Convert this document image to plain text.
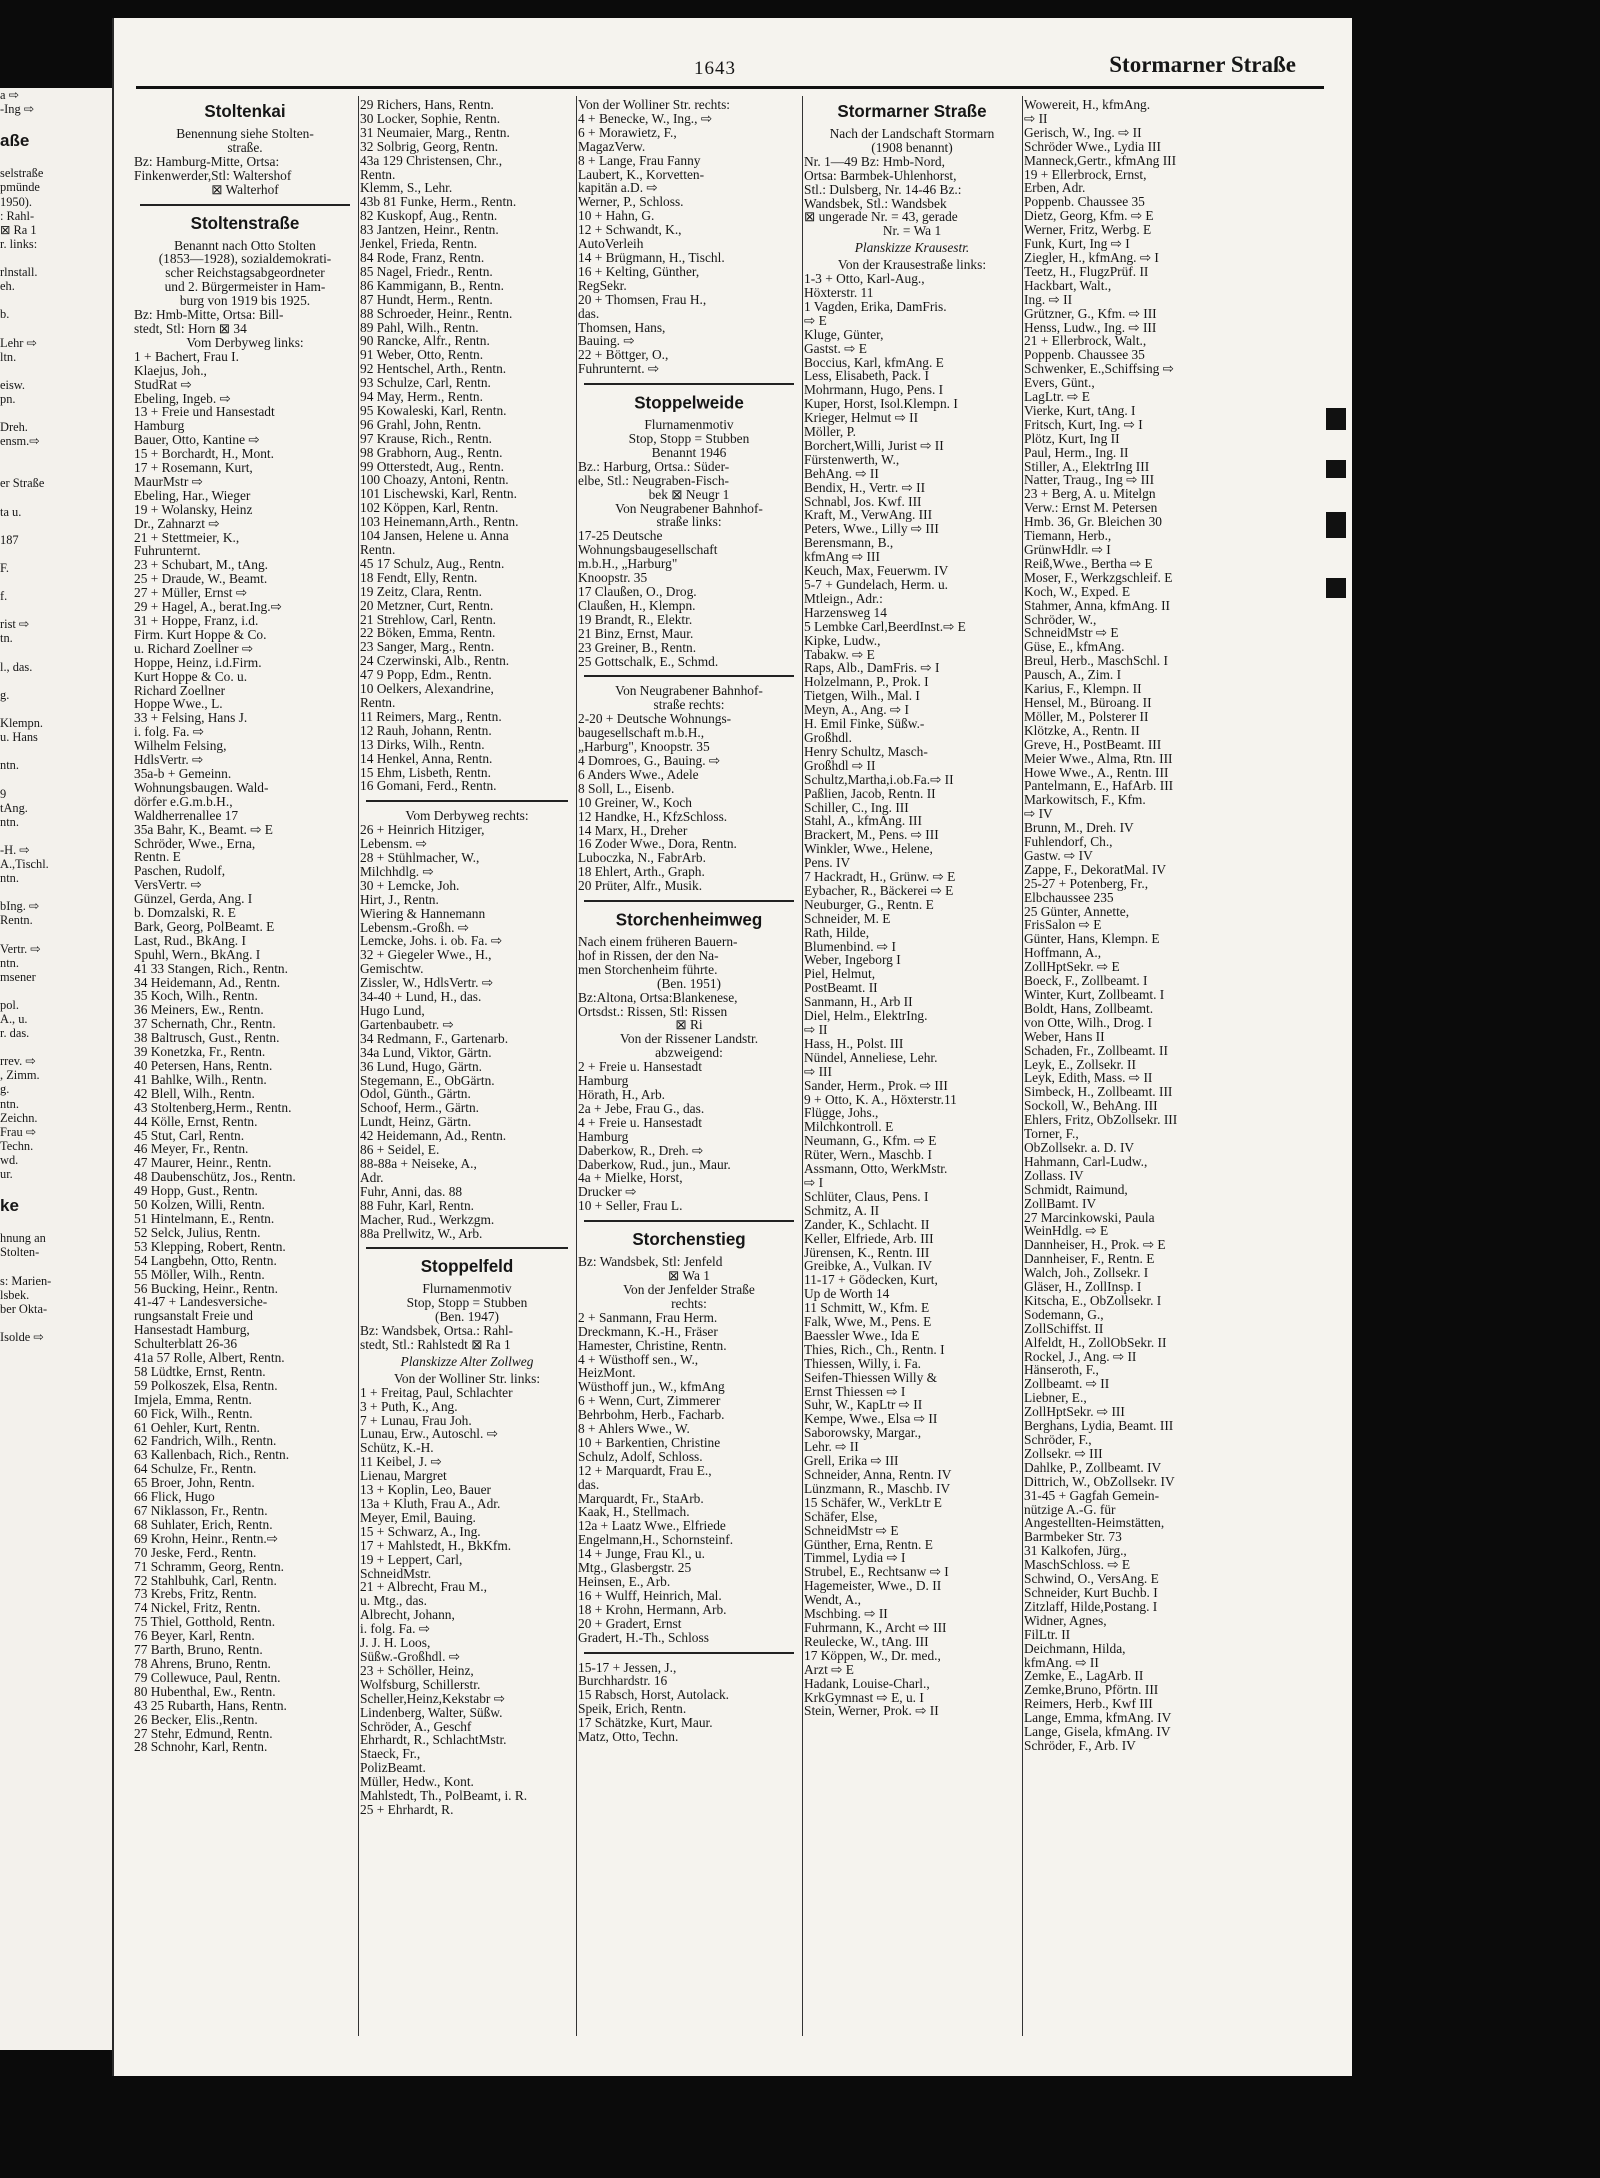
a ⇨
-Ing ⇨

aße

selstraße
pmünde
1950).
: Rahl-
⊠ Ra 1
r. links:

rlnstall.
eh.

b.

Lehr ⇨
ltn.

eisw.
pn.

Dreh.
ensm.⇨

er Straße

ta u.

187

F.

f.

rist ⇨
tn.

l., das.

g.

Klempn.
u. Hans

ntn.

9
tAng.
ntn.

-H. ⇨
A.,Tischl.
ntn.

bIng. ⇨
Rentn.

Vertr. ⇨
ntn.
msener

pol.
A., u.
r. das.

rrev. ⇨
, Zimm.
g.
ntn.
Zeichn.
Frau ⇨
Techn.
wd.
ur.

ke

hnung an
Stolten-

s: Marien-
lsbek.
ber Okta-

Isolde ⇨
1643	Stormarner Straße
Stoltenkai
Benennung siehe Stolten-
straße.
Bz: Hamburg-Mitte, Ortsa:
Finkenwerder,Stl: Waltershof
⊠ Walterhof
Stoltenstraße
Benannt nach Otto Stolten
(1853—1928), sozialdemokrati-
scher Reichstagsabgeordneter
und 2. Bürgermeister in Ham-
burg von 1919 bis 1925.
Bz: Hmb-Mitte, Ortsa: Bill-
stedt, Stl: Horn ⊠ 34
Vom Derbyweg links:
1 + Bachert, Frau I.
Klaejus, Joh.,
StudRat ⇨
Ebeling, Ingeb. ⇨
13 + Freie und Hansestadt
Hamburg
Bauer, Otto, Kantine ⇨
15 + Borchardt, H., Mont.
17 + Rosemann, Kurt,
MaurMstr ⇨
Ebeling, Har., Wieger
19 + Wolansky, Heinz
Dr., Zahnarzt ⇨
21 + Stettmeier, K.,
Fuhrunternt.
23 + Schubart, M., tAng.
25 + Draude, W., Beamt.
27 + Müller, Ernst ⇨
29 + Hagel, A., berat.Ing.⇨
31 + Hoppe, Franz, i.d.
Firm. Kurt Hoppe & Co.
u. Richard Zoellner ⇨
Hoppe, Heinz, i.d.Firm.
Kurt Hoppe & Co. u.
Richard Zoellner
Hoppe Wwe., L.
33 + Felsing, Hans J.
i. folg. Fa. ⇨
Wilhelm Felsing,
HdlsVertr. ⇨
35a-b + Gemeinn.
Wohnungsbaugen. Wald-
dörfer e.G.m.b.H.,
Waldherrenallee 17
35a Bahr, K., Beamt. ⇨ E
Schröder, Wwe., Erna,
Rentn. E
Paschen, Rudolf,
VersVertr. ⇨
Günzel, Gerda, Ang. I
b. Domzalski, R. E
Bark, Georg, PolBeamt. E
Last, Rud., BkAng. I
Spuhl, Wern., BkAng. I
41 33 Stangen, Rich., Rentn.
34 Heidemann, Ad., Rentn.
35 Koch, Wilh., Rentn.
36 Meiners, Ew., Rentn.
37 Schernath, Chr., Rentn.
38 Baltrusch, Gust., Rentn.
39 Konetzka, Fr., Rentn.
40 Petersen, Hans, Rentn.
41 Bahlke, Wilh., Rentn.
42 Blell, Wilh., Rentn.
43 Stoltenberg,Herm., Rentn.
44 Kölle, Ernst, Rentn.
45 Stut, Carl, Rentn.
46 Meyer, Fr., Rentn.
47 Maurer, Heinr., Rentn.
48 Daubenschütz, Jos., Rentn.
49 Hopp, Gust., Rentn.
50 Kolzen, Willi, Rentn.
51 Hintelmann, E., Rentn.
52 Selck, Julius, Rentn.
53 Klepping, Robert, Rentn.
54 Langbehn, Otto, Rentn.
55 Möller, Wilh., Rentn.
56 Bucking, Heinr., Rentn.
41-47 + Landesversiche-
rungsanstalt Freie und
Hansestadt Hamburg,
Schulterblatt 26-36
41a 57 Rolle, Albert, Rentn.
58 Lüdtke, Ernst, Rentn.
59 Polkoszek, Elsa, Rentn.
Imjela, Emma, Rentn.
60 Fick, Wilh., Rentn.
61 Oehler, Kurt, Rentn.
62 Fandrich, Wilh., Rentn.
63 Kallenbach, Rich., Rentn.
64 Schulze, Fr., Rentn.
65 Broer, John, Rentn.
66 Flick, Hugo
67 Niklasson, Fr., Rentn.
68 Suhlater, Erich, Rentn.
69 Krohn, Heinr., Rentn.⇨
70 Jeske, Ferd., Rentn.
71 Schramm, Georg, Rentn.
72 Stahlbuhk, Carl, Rentn.
73 Krebs, Fritz, Rentn.
74 Nickel, Fritz, Rentn.
75 Thiel, Gotthold, Rentn.
76 Beyer, Karl, Rentn.
77 Barth, Bruno, Rentn.
78 Ahrens, Bruno, Rentn.
79 Collewuce, Paul, Rentn.
80 Hubenthal, Ew., Rentn.
43 25 Rubarth, Hans, Rentn.
26 Becker, Elis.,Rentn.
27 Stehr, Edmund, Rentn.
28 Schnohr, Karl, Rentn.
29 Richers, Hans, Rentn.
30 Locker, Sophie, Rentn.
31 Neumaier, Marg., Rentn.
32 Solbrig, Georg, Rentn.
43a 129 Christensen, Chr.,
Rentn.
Klemm, S., Lehr.
43b 81 Funke, Herm., Rentn.
82 Kuskopf, Aug., Rentn.
83 Jantzen, Heinr., Rentn.
Jenkel, Frieda, Rentn.
84 Rode, Franz, Rentn.
85 Nagel, Friedr., Rentn.
86 Kammigann, B., Rentn.
87 Hundt, Herm., Rentn.
88 Schroeder, Heinr., Rentn.
89 Pahl, Wilh., Rentn.
90 Rancke, Alfr., Rentn.
91 Weber, Otto, Rentn.
92 Hentschel, Arth., Rentn.
93 Schulze, Carl, Rentn.
94 May, Herm., Rentn.
95 Kowaleski, Karl, Rentn.
96 Grahl, John, Rentn.
97 Krause, Rich., Rentn.
98 Grabhorn, Aug., Rentn.
99 Otterstedt, Aug., Rentn.
100 Choazy, Antoni, Rentn.
101 Lischewski, Karl, Rentn.
102 Köppen, Karl, Rentn.
103 Heinemann,Arth., Rentn.
104 Jansen, Helene u. Anna
Rentn.
45 17 Schulz, Aug., Rentn.
18 Fendt, Elly, Rentn.
19 Zeitz, Clara, Rentn.
20 Metzner, Curt, Rentn.
21 Strehlow, Carl, Rentn.
22 Böken, Emma, Rentn.
23 Sanger, Marg., Rentn.
24 Czerwinski, Alb., Rentn.
47 9 Popp, Edm., Rentn.
10 Oelkers, Alexandrine,
Rentn.
11 Reimers, Marg., Rentn.
12 Rauh, Johann, Rentn.
13 Dirks, Wilh., Rentn.
14 Henkel, Anna, Rentn.
15 Ehm, Lisbeth, Rentn.
16 Gomani, Ferd., Rentn.
Vom Derbyweg rechts:
26 + Heinrich Hitziger,
Lebensm. ⇨
28 + Stühlmacher, W.,
Milchhdlg. ⇨
30 + Lemcke, Joh.
Hirt, J., Rentn.
Wiering & Hannemann
Lebensm.-Großh. ⇨
Lemcke, Johs. i. ob. Fa. ⇨
32 + Giegeler Wwe., H.,
Gemischtw.
Zissler, W., HdlsVertr. ⇨
34-40 + Lund, H., das.
Hugo Lund,
Gartenbaubetr. ⇨
34 Redmann, F., Gartenarb.
34a Lund, Viktor, Gärtn.
36 Lund, Hugo, Gärtn.
Stegemann, E., ObGärtn.
Odol, Günth., Gärtn.
Schoof, Herm., Gärtn.
Lundt, Heinz, Gärtn.
42 Heidemann, Ad., Rentn.
86 + Seidel, E.
88-88a + Neiseke, A.,
Adr.
Fuhr, Anni, das. 88
88 Fuhr, Karl, Rentn.
Macher, Rud., Werkzgm.
88a Prellwitz, W., Arb.
Stoppelfeld
Flurnamenmotiv
Stop, Stopp = Stubben
(Ben. 1947)
Bz: Wandsbek, Ortsa.: Rahl-
stedt, Stl.: Rahlstedt ⊠ Ra 1
Planskizze Alter Zollweg
Von der Wolliner Str. links:
1 + Freitag, Paul, Schlachter
3 + Puth, K., Ang.
7 + Lunau, Frau Joh.
Lunau, Erw., Autoschl. ⇨
Schütz, K.-H.
11 Keibel, J. ⇨
Lienau, Margret
13 + Koplin, Leo, Bauer
13a + Kluth, Frau A., Adr.
Meyer, Emil, Bauing.
15 + Schwarz, A., Ing.
17 + Mahlstedt, H., BkKfm.
19 + Leppert, Carl,
SchneidMstr.
21 + Albrecht, Frau M.,
u. Mtg., das.
Albrecht, Johann,
i. folg. Fa. ⇨
J. J. H. Loos,
Süßw.-Großhdl. ⇨
23 + Schöller, Heinz,
Wolfsburg, Schillerstr.
Scheller,Heinz,Kekstabr ⇨
Lindenberg, Walter, Süßw.
Schröder, A., Geschf
Ehrhardt, R., SchlachtMstr.
Staeck, Fr.,
PolizBeamt.
Müller, Hedw., Kont.
Mahlstedt, Th., PolBeamt, i. R.
25 + Ehrhardt, R.
Von der Wolliner Str. rechts:
4 + Benecke, W., Ing., ⇨
6 + Morawietz, F.,
MagazVerw.
8 + Lange, Frau Fanny
Laubert, K., Korvetten-
kapitän a.D. ⇨
Werner, P., Schloss.
10 + Hahn, G.
12 + Schwandt, K.,
AutoVerleih
14 + Brügmann, H., Tischl.
16 + Kelting, Günther,
RegSekr.
20 + Thomsen, Frau H.,
das.
Thomsen, Hans,
Bauing. ⇨
22 + Böttger, O.,
Fuhrunternt. ⇨
Stoppelweide
Flurnamenmotiv
Stop, Stopp = Stubben
Benannt 1946
Bz.: Harburg, Ortsa.: Süder-
elbe, Stl.: Neugraben-Fisch-
bek ⊠ Neugr 1
Von Neugrabener Bahnhof-
straße links:
17-25 Deutsche
Wohnungsbaugesellschaft
m.b.H., „Harburg"
Knoopstr. 35
17 Claußen, O., Drog.
Claußen, H., Klempn.
19 Brandt, R., Elektr.
21 Binz, Ernst, Maur.
23 Greiner, B., Rentn.
25 Gottschalk, E., Schmd.
Von Neugrabener Bahnhof-
straße rechts:
2-20 + Deutsche Wohnungs-
baugesellschaft m.b.H.,
„Harburg", Knoopstr. 35
4 Domroes, G., Bauing. ⇨
6 Anders Wwe., Adele
8 Soll, L., Eisenb.
10 Greiner, W., Koch
12 Handke, H., KfzSchloss.
14 Marx, H., Dreher
16 Zoder Wwe., Dora, Rentn.
Luboczka, N., FabrArb.
18 Ehlert, Arth., Graph.
20 Prüter, Alfr., Musik.
Storchenheimweg
Nach einem früheren Bauern-
hof in Rissen, der den Na-
men Storchenheim führte.
(Ben. 1951)
Bz:Altona, Ortsa:Blankenese,
Ortsdst.: Rissen, Stl: Rissen
⊠ Ri
Von der Rissener Landstr.
abzweigend:
2 + Freie u. Hansestadt
Hamburg
Hörath, H., Arb.
2a + Jebe, Frau G., das.
4 + Freie u. Hansestadt
Hamburg
Daberkow, R., Dreh. ⇨
Daberkow, Rud., jun., Maur.
4a + Mielke, Horst,
Drucker ⇨
10 + Seller, Frau L.
Storchenstieg
Bz: Wandsbek, Stl: Jenfeld
⊠ Wa 1
Von der Jenfelder Straße
rechts:
2 + Sanmann, Frau Herm.
Dreckmann, K.-H., Fräser
Hamester, Christine, Rentn.
4 + Wüsthoff sen., W.,
HeizMont.
Wüsthoff jun., W., kfmAng
6 + Wenn, Curt, Zimmerer
Behrbohm, Herb., Facharb.
8 + Ahlers Wwe., W.
10 + Barkentien, Christine
Schulz, Adolf, Schloss.
12 + Marquardt, Frau E.,
das.
Marquardt, Fr., StaArb.
Kaak, H., Stellmach.
12a + Laatz Wwe., Elfriede
Engelmann,H., Schornsteinf.
14 + Junge, Frau Kl., u.
Mtg., Glasbergstr. 25
Heinsen, E., Arb.
16 + Wulff, Heinrich, Mal.
18 + Krohn, Hermann, Arb.
20 + Gradert, Ernst
Gradert, H.-Th., Schloss
15-17 + Jessen, J.,
Burchhardstr. 16
15 Rabsch, Horst, Autolack.
Speik, Erich, Rentn.
17 Schätzke, Kurt, Maur.
Matz, Otto, Techn.
Stormarner Straße
Nach der Landschaft Stormarn
(1908 benannt)
Nr. 1—49 Bz: Hmb-Nord,
Ortsa: Barmbek-Uhlenhorst,
Stl.: Dulsberg, Nr. 14-46 Bz.:
Wandsbek, Stl.: Wandsbek
⊠ ungerade Nr. = 43, gerade
Nr. = Wa 1
Planskizze Krausestr.
Von der Krausestraße links:
1-3 + Otto, Karl-Aug.,
Höxterstr. 11
1 Vagden, Erika, DamFris.
⇨ E
Kluge, Günter,
Gastst. ⇨ E
Boccius, Karl, kfmAng. E
Less, Elisabeth, Pack. I
Mohrmann, Hugo, Pens. I
Kuper, Horst, Isol.Klempn. I
Krieger, Helmut ⇨ II
Möller, P.
Borchert,Willi, Jurist ⇨ II
Fürstenwerth, W.,
BehAng. ⇨ II
Bendix, H., Vertr. ⇨ II
Schnabl, Jos. Kwf. III
Kraft, M., VerwAng. III
Peters, Wwe., Lilly ⇨ III
Berensmann, B.,
kfmAng ⇨ III
Keuch, Max, Feuerwm. IV
5-7 + Gundelach, Herm. u.
Mtleign., Adr.:
Harzensweg 14
5 Lembke Carl,BeerdInst.⇨ E
Kipke, Ludw.,
Tabakw. ⇨ E
Raps, Alb., DamFris. ⇨ I
Holzelmann, P., Prok. I
Tietgen, Wilh., Mal. I
Meyn, A., Ang. ⇨ I
H. Emil Finke, Süßw.-
Großhdl.
Henry Schultz, Masch-
Großhdl ⇨ II
Schultz,Martha,i.ob.Fa.⇨ II
Paßlien, Jacob, Rentn. II
Schiller, C., Ing. III
Stahl, A., kfmAng. III
Brackert, M., Pens. ⇨ III
Winkler, Wwe., Helene,
Pens. IV
7 Hackradt, H., Grünw. ⇨ E
Eybacher, R., Bäckerei ⇨ E
Neuburger, G., Rentn. E
Schneider, M. E
Rath, Hilde,
Blumenbind. ⇨ I
Weber, Ingeborg I
Piel, Helmut,
PostBeamt. II
Sanmann, H., Arb II
Diel, Helm., ElektrIng.
⇨ II
Hass, H., Polst. III
Nündel, Anneliese, Lehr.
⇨ III
Sander, Herm., Prok. ⇨ III
9 + Otto, K. A., Höxterstr.11
Flügge, Johs.,
Milchkontroll. E
Neumann, G., Kfm. ⇨ E
Rüter, Wern., Maschb. I
Assmann, Otto, WerkMstr.
⇨ I
Schlüter, Claus, Pens. I
Schmitz, A. II
Zander, K., Schlacht. II
Keller, Elfriede, Arb. III
Jürensen, K., Rentn. III
Greibke, A., Vulkan. IV
11-17 + Gödecken, Kurt,
Up de Worth 14
11 Schmitt, W., Kfm. E
Falk, Wwe, M., Pens. E
Baessler Wwe., Ida E
Thies, Rich., Ch., Rentn. I
Thiessen, Willy, i. Fa.
Seifen-Thiessen Willy &
Ernst Thiessen ⇨ I
Suhr, W., KapLtr ⇨ II
Kempe, Wwe., Elsa ⇨ II
Saborowsky, Margar.,
Lehr. ⇨ II
Grell, Erika ⇨ III
Schneider, Anna, Rentn. IV
Lünzmann, R., Maschb. IV
15 Schäfer, W., VerkLtr E
Schäfer, Else,
SchneidMstr ⇨ E
Günther, Erna, Rentn. E
Timmel, Lydia ⇨ I
Strubel, E., Rechtsanw ⇨ I
Hagemeister, Wwe., D. II
Wendt, A.,
Mschbing. ⇨ II
Fuhrmann, K., Archt ⇨ III
Reulecke, W., tAng. III
17 Köppen, W., Dr. med.,
Arzt ⇨ E
Hadank, Louise-Charl.,
KrkGymnast ⇨ E, u. I
Stein, Werner, Prok. ⇨ II
Wowereit, H., kfmAng.
⇨ II
Gerisch, W., Ing. ⇨ II
Schröder Wwe., Lydia III
Manneck,Gertr., kfmAng III
19 + Ellerbrock, Ernst,
Erben, Adr.
Poppenb. Chaussee 35
Dietz, Georg, Kfm. ⇨ E
Werner, Fritz, Werbg. E
Funk, Kurt, Ing ⇨ I
Ziegler, H., kfmAng. ⇨ I
Teetz, H., FlugzPrüf. II
Hackbart, Walt.,
Ing. ⇨ II
Grützner, G., Kfm. ⇨ III
Henss, Ludw., Ing. ⇨ III
21 + Ellerbrock, Walt.,
Poppenb. Chaussee 35
Schwenker, E.,Schiffsing ⇨
Evers, Günt.,
LagLtr. ⇨ E
Vierke, Kurt, tAng. I
Fritsch, Kurt, Ing. ⇨ I
Plötz, Kurt, Ing II
Paul, Herm., Ing. II
Stiller, A., ElektrIng III
Natter, Traug., Ing ⇨ III
23 + Berg, A. u. Mitelgn
Verw.: Ernst M. Petersen
Hmb. 36, Gr. Bleichen 30
Tiemann, Herb.,
GrünwHdlr. ⇨ I
Reiß,Wwe., Bertha ⇨ E
Moser, F., Werkzgschleif. E
Koch, W., Exped. E
Stahmer, Anna, kfmAng. II
Schröder, W.,
SchneidMstr ⇨ E
Güse, E., kfmAng.
Breul, Herb., MaschSchl. I
Pausch, A., Zim. I
Karius, F., Klempn. II
Hensel, M., Büroang. II
Möller, M., Polsterer II
Klötzke, A., Rentn. II
Greve, H., PostBeamt. III
Meier Wwe., Alma, Rtn. III
Howe Wwe., A., Rentn. III
Pantelmann, E., HafArb. III
Markowitsch, F., Kfm.
⇨ IV
Brunn, M., Dreh. IV
Fuhlendorf, Ch.,
Gastw. ⇨ IV
Zappe, F., DekoratMal. IV
25-27 + Potenberg, Fr.,
Elbchaussee 235
25 Günter, Annette,
FrisSalon ⇨ E
Günter, Hans, Klempn. E
Hoffmann, A.,
ZollHptSekr. ⇨ E
Boeck, F., Zollbeamt. I
Winter, Kurt, Zollbeamt. I
Boldt, Hans, Zollbeamt.
von Otte, Wilh., Drog. I
Weber, Hans II
Schaden, Fr., Zollbeamt. II
Leyk, E., Zollsekr. II
Leyk, Edith, Mass. ⇨ II
Simbeck, H., Zollbeamt. III
Sockoll, W., BehAng. III
Ehlers, Fritz, ObZollsekr. III
Torner, F.,
ObZollsekr. a. D. IV
Hahmann, Carl-Ludw.,
Zollass. IV
Schmidt, Raimund,
ZollBamt. IV
27 Marcinkowski, Paula
WeinHdlg. ⇨ E
Dannheiser, H., Prok. ⇨ E
Dannheiser, F., Rentn. E
Walch, Joh., Zollsekr. I
Gläser, H., ZollInsp. I
Kitscha, E., ObZollsekr. I
Sodemann, G.,
ZollSchiffst. II
Alfeldt, H., ZollObSekr. II
Rockel, J., Ang. ⇨ II
Hänseroth, F.,
Zollbeamt. ⇨ II
Liebner, E.,
ZollHptSekr. ⇨ III
Berghans, Lydia, Beamt. III
Schröder, F.,
Zollsekr. ⇨ III
Dahlke, P., Zollbeamt. IV
Dittrich, W., ObZollsekr. IV
31-45 + Gagfah Gemein-
nützige A.-G. für
Angestellten-Heimstätten,
Barmbeker Str. 73
31 Kalkofen, Jürg.,
MaschSchloss. ⇨ E
Schwind, O., VersAng. E
Schneider, Kurt Buchb. I
Zitzlaff, Hilde,Postang. I
Widner, Agnes,
FilLtr. II
Deichmann, Hilda,
kfmAng. ⇨ II
Zemke, E., LagArb. II
Zemke,Bruno, Pförtn. III
Reimers, Herb., Kwf III
Lange, Emma, kfmAng. IV
Lange, Gisela, kfmAng. IV
Schröder, F., Arb. IV
